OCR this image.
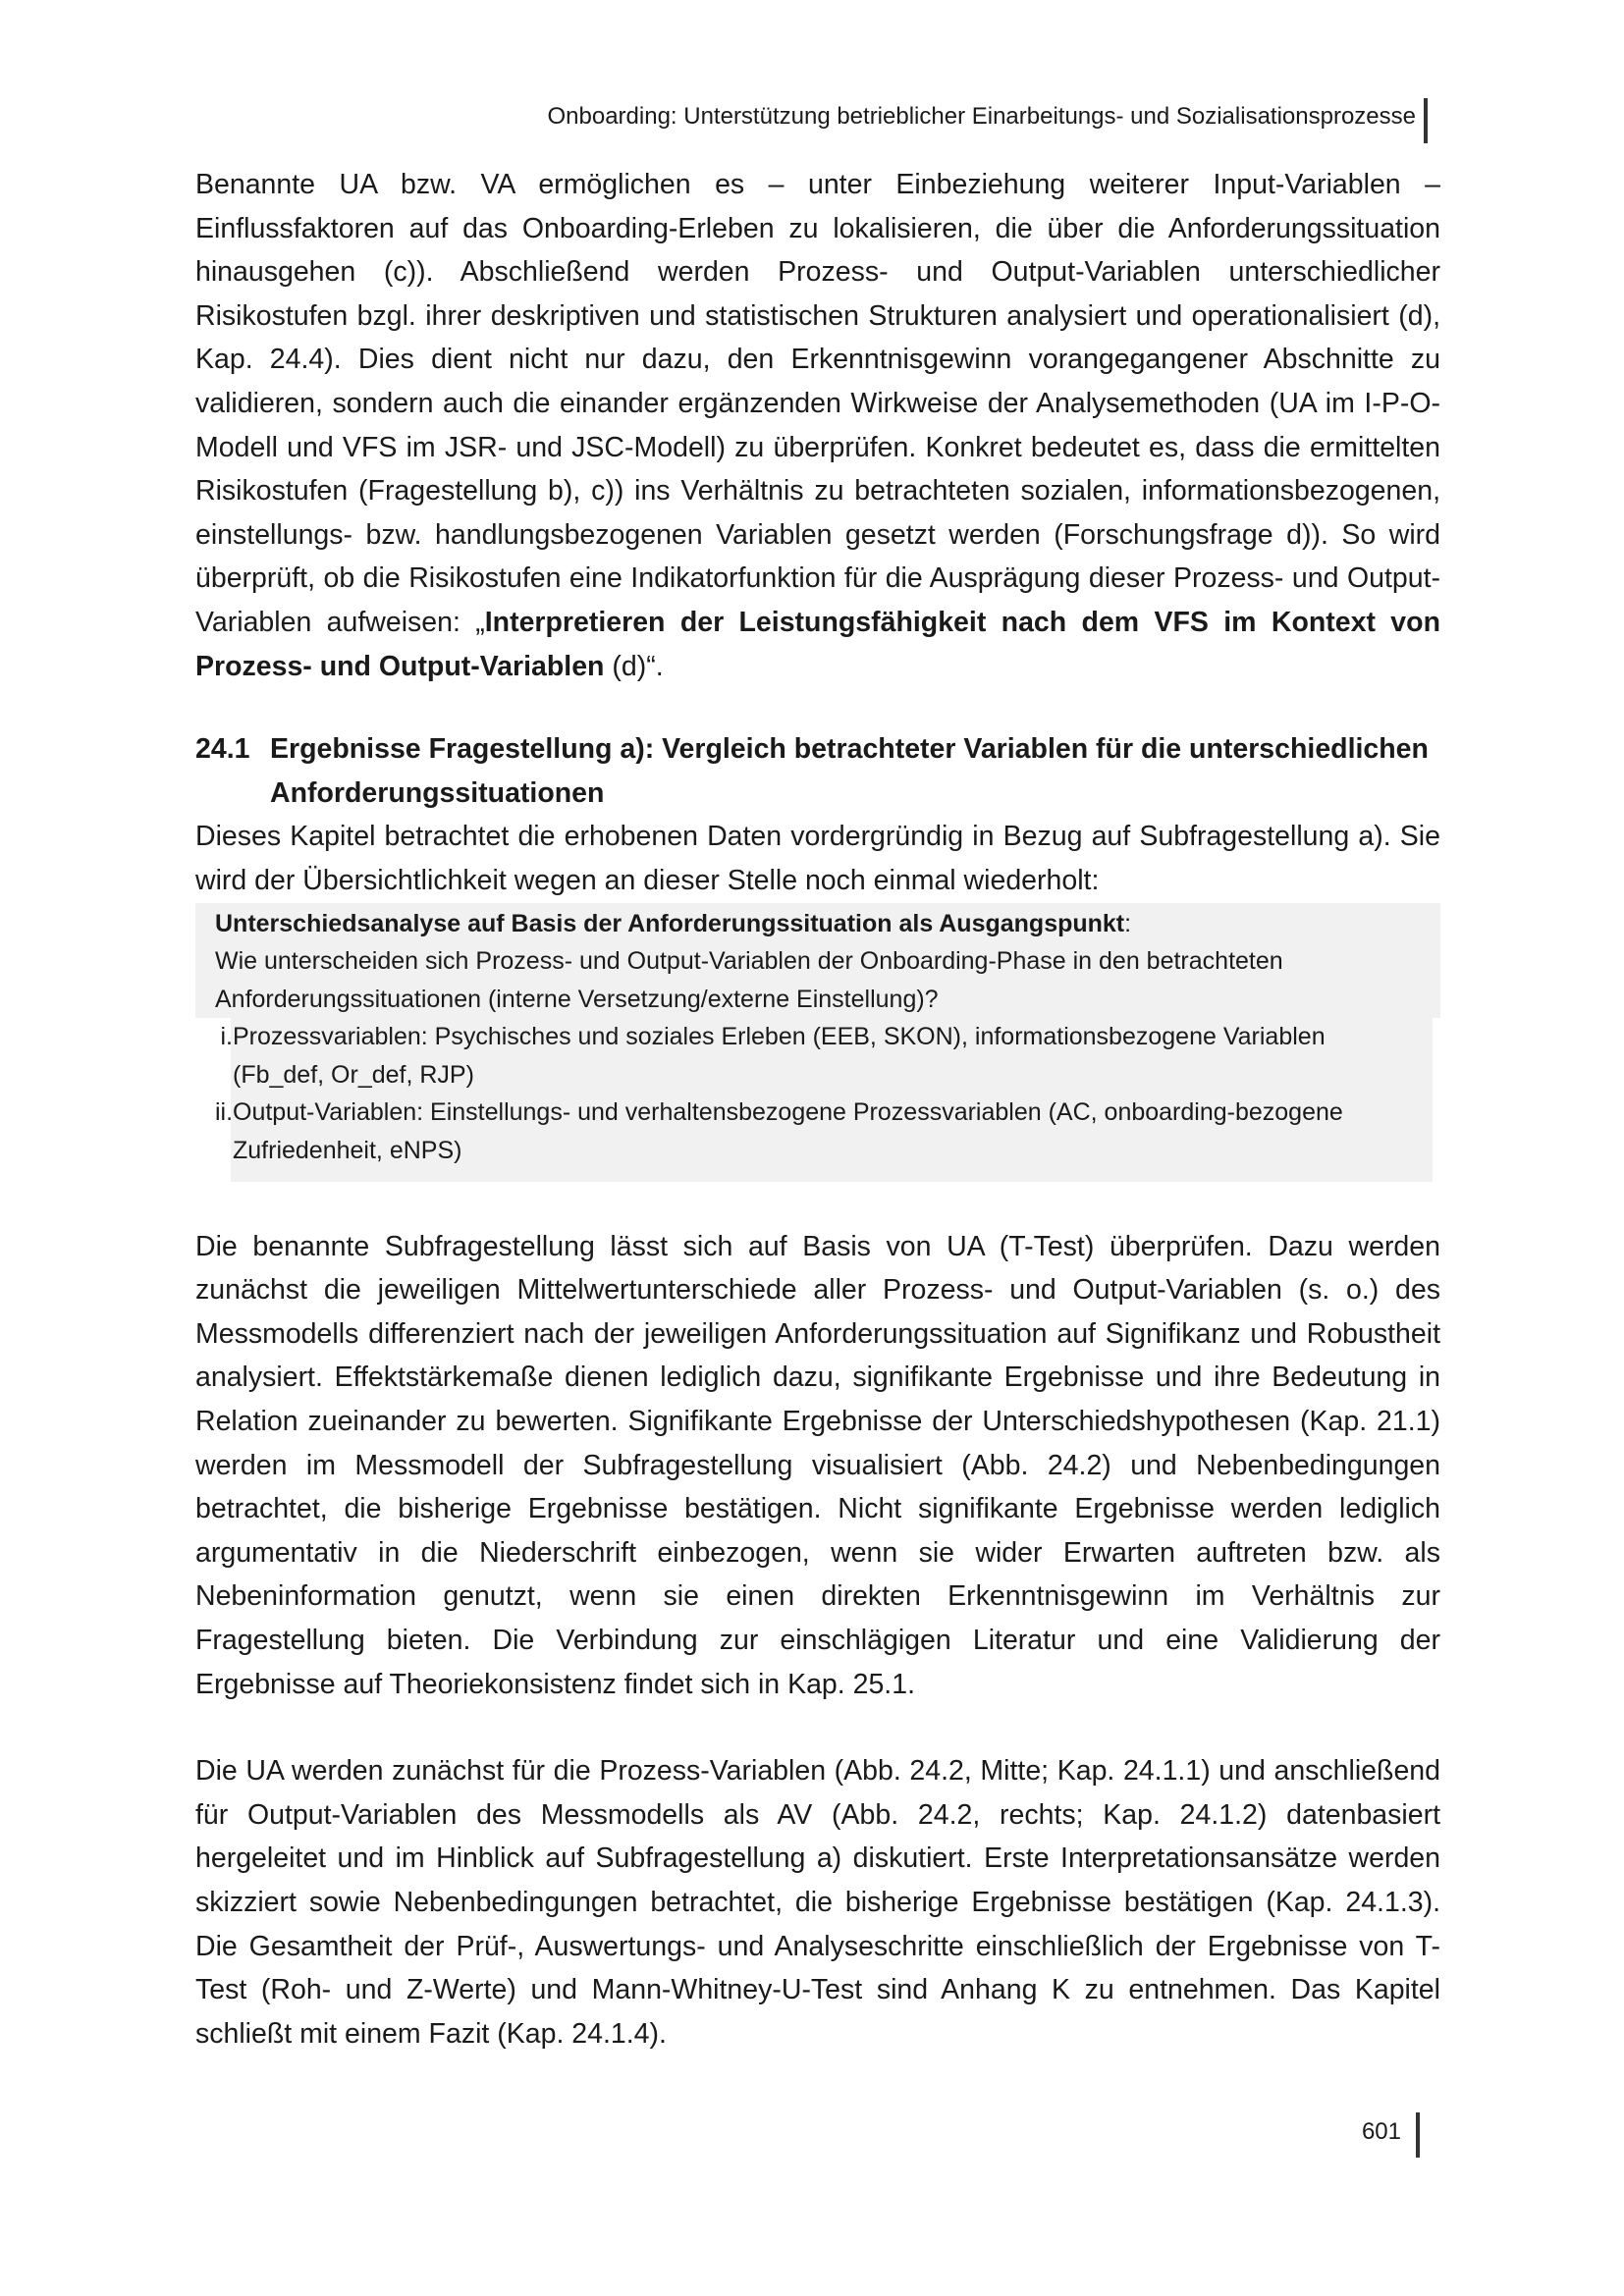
Onboarding: Unterstützung betrieblicher Einarbeitungs- und Sozialisationsprozesse

Benannte UA bzw. VA ermöglichen es – unter Einbeziehung weiterer Input-Variablen – Einflussfaktoren auf das Onboarding-Erleben zu lokalisieren, die über die Anforderungssituation hinausgehen (c)). Abschließend werden Prozess- und Output-Variablen unterschiedlicher Risikostufen bzgl. ihrer deskriptiven und statistischen Strukturen analysiert und operationalisiert (d), Kap. 24.4). Dies dient nicht nur dazu, den Erkenntnisgewinn vorangegangener Abschnitte zu validieren, sondern auch die einander ergänzenden Wirkweise der Analysemethoden (UA im I-P-O-Modell und VFS im JSR- und JSC-Modell) zu überprüfen. Konkret bedeutet es, dass die ermittelten Risikostufen (Fragestellung b), c)) ins Verhältnis zu betrachteten sozialen, informationsbezogenen, einstellungs- bzw. handlungsbezogenen Variablen gesetzt werden (Forschungsfrage d)). So wird überprüft, ob die Risikostufen eine Indikatorfunktion für die Ausprägung dieser Prozess- und Output-Variablen aufweisen: „Interpretieren der Leistungsfähigkeit nach dem VFS im Kontext von Prozess- und Output-Variablen (d)“.

24.1 Ergebnisse Fragestellung a): Vergleich betrachteter Variablen für die unterschiedlichen Anforderungssituationen

Dieses Kapitel betrachtet die erhobenen Daten vordergründig in Bezug auf Subfragestellung a). Sie wird der Übersichtlichkeit wegen an dieser Stelle noch einmal wiederholt:

Unterschiedsanalyse auf Basis der Anforderungssituation als Ausgangspunkt:
Wie unterscheiden sich Prozess- und Output-Variablen der Onboarding-Phase in den betrachteten Anforderungssituationen (interne Versetzung/externe Einstellung)?
i. Prozessvariablen: Psychisches und soziales Erleben (EEB, SKON), informationsbezogene Variablen (Fb_def, Or_def, RJP)
ii. Output-Variablen: Einstellungs- und verhaltensbezogene Prozessvariablen (AC, onboarding-bezogene Zufriedenheit, eNPS)

Die benannte Subfragestellung lässt sich auf Basis von UA (T-Test) überprüfen. Dazu werden zunächst die jeweiligen Mittelwertunterschiede aller Prozess- und Output-Variablen (s. o.) des Messmodells differenziert nach der jeweiligen Anforderungssituation auf Signifikanz und Robustheit analysiert. Effektstärkemaße dienen lediglich dazu, signifikante Ergebnisse und ihre Bedeutung in Relation zueinander zu bewerten. Signifikante Ergebnisse der Unterschiedshypothesen (Kap. 21.1) werden im Messmodell der Subfragestellung visualisiert (Abb. 24.2) und Nebenbedingungen betrachtet, die bisherige Ergebnisse bestätigen. Nicht signifikante Ergebnisse werden lediglich argumentativ in die Niederschrift einbezogen, wenn sie wider Erwarten auftreten bzw. als Nebeninformation genutzt, wenn sie einen direkten Erkenntnisgewinn im Verhältnis zur Fragestellung bieten. Die Verbindung zur einschlägigen Literatur und eine Validierung der Ergebnisse auf Theoriekonsistenz findet sich in Kap. 25.1.

Die UA werden zunächst für die Prozess-Variablen (Abb. 24.2, Mitte; Kap. 24.1.1) und anschließend für Output-Variablen des Messmodells als AV (Abb. 24.2, rechts; Kap. 24.1.2) datenbasiert hergeleitet und im Hinblick auf Subfragestellung a) diskutiert. Erste Interpretationsansätze werden skizziert sowie Nebenbedingungen betrachtet, die bisherige Ergebnisse bestätigen (Kap. 24.1.3). Die Gesamtheit der Prüf-, Auswertungs- und Analyseschritte einschließlich der Ergebnisse von T-Test (Roh- und Z-Werte) und Mann-Whitney-U-Test sind Anhang K zu entnehmen. Das Kapitel schließt mit einem Fazit (Kap. 24.1.4).

601
